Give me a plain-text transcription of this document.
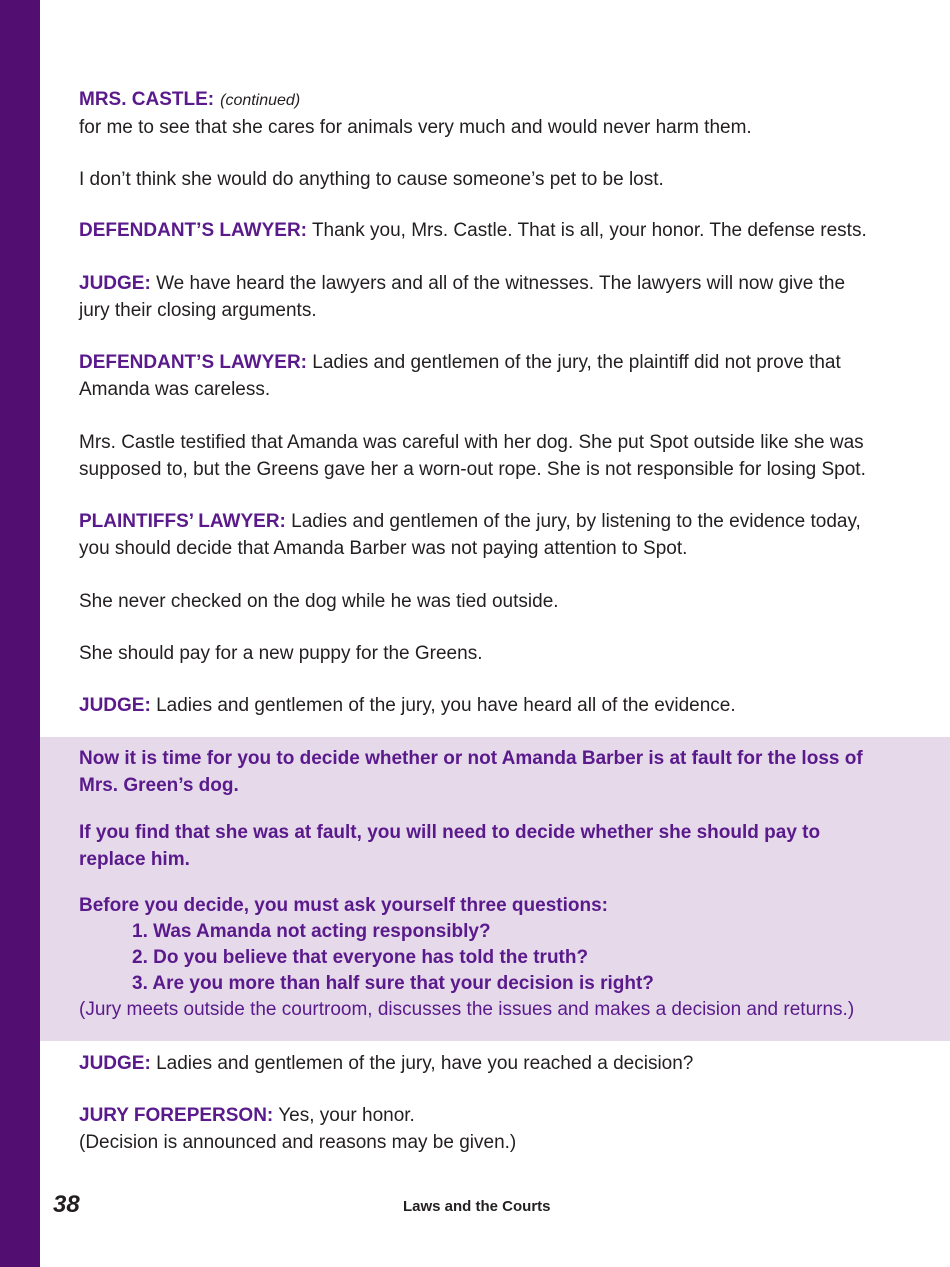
MRS. CASTLE: (continued)
for me to see that she cares for animals very much and would never harm them.

I don’t think she would do anything to cause someone’s pet to be lost.

DEFENDANT’S LAWYER: Thank you, Mrs. Castle. That is all, your honor. The defense rests.

JUDGE: We have heard the lawyers and all of the witnesses. The lawyers will now give the jury their closing arguments.

DEFENDANT’S LAWYER: Ladies and gentlemen of the jury, the plaintiff did not prove that Amanda was careless.

Mrs. Castle testified that Amanda was careful with her dog. She put Spot outside like she was supposed to, but the Greens gave her a worn-out rope. She is not responsible for losing Spot.

PLAINTIFFS’ LAWYER: Ladies and gentlemen of the jury, by listening to the evidence today, you should decide that Amanda Barber was not paying attention to Spot.

She never checked on the dog while he was tied outside.

She should pay for a new puppy for the Greens.

JUDGE: Ladies and gentlemen of the jury, you have heard all of the evidence.

Now it is time for you to decide whether or not Amanda Barber is at fault for the loss of Mrs. Green’s dog.

If you find that she was at fault, you will need to decide whether she should pay to replace him.

Before you decide, you must ask yourself three questions:

1. Was Amanda not acting responsibly?

2. Do you believe that everyone has told the truth?

3. Are you more than half sure that your decision is right?

(Jury meets outside the courtroom, discusses the issues and makes a decision and returns.)

JUDGE: Ladies and gentlemen of the jury, have you reached a decision?

JURY FOREPERSON: Yes, your honor.
(Decision is announced and reasons may be given.)

38	Laws and the Courts
